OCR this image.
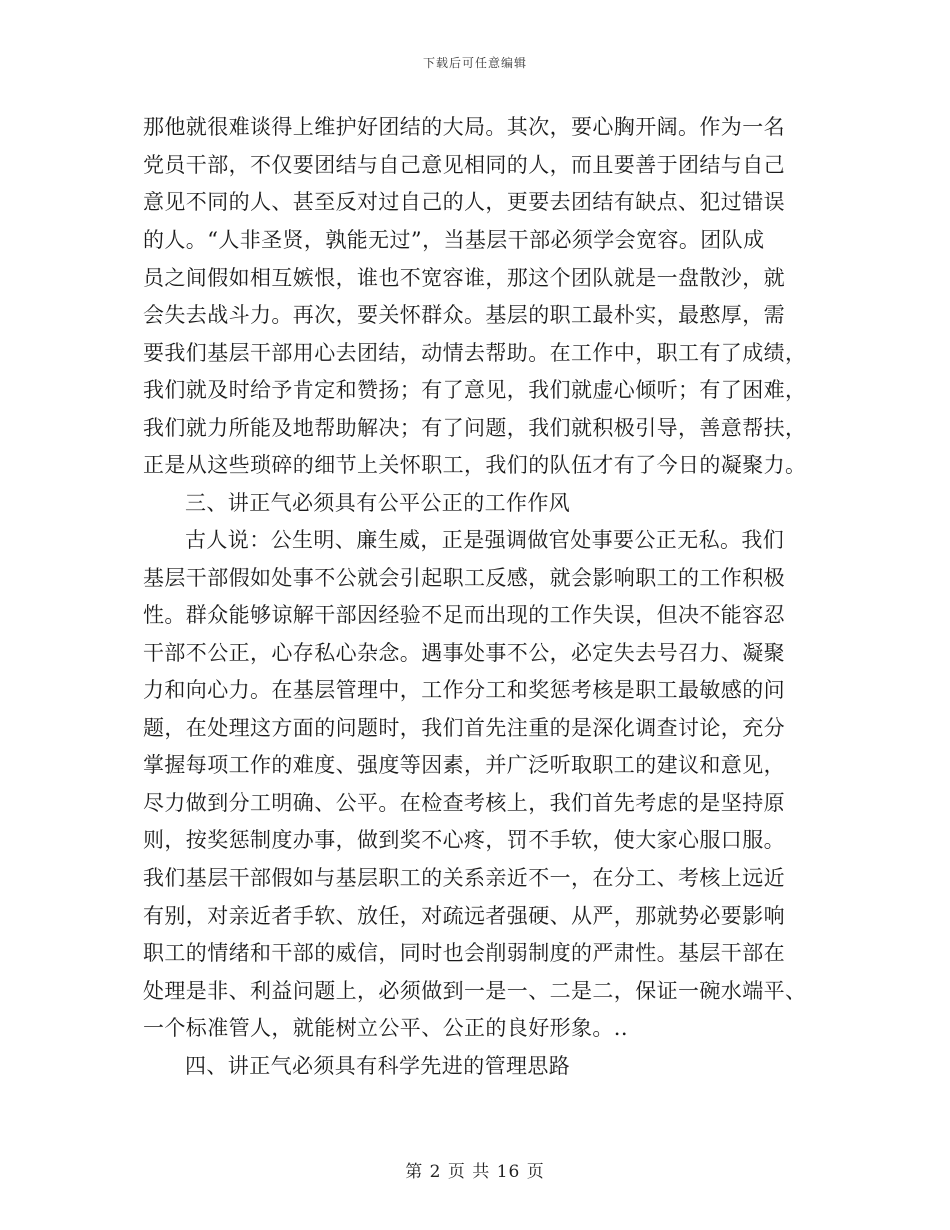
下载后可任意编辑
那他就很难谈得上维护好团结的大局。其次，要心胸开阔。作为一名
党员干部，不仅要团结与自己意见相同的人，而且要善于团结与自己
意见不同的人、甚至反对过自己的人，更要去团结有缺点、犯过错误
的人。“人非圣贤，孰能无过”，当基层干部必须学会宽容。团队成
员之间假如相互嫉恨，谁也不宽容谁，那这个团队就是一盘散沙，就
会失去战斗力。再次，要关怀群众。基层的职工最朴实，最憨厚，需
要我们基层干部用心去团结，动情去帮助。在工作中，职工有了成绩，
我们就及时给予肯定和赞扬；有了意见，我们就虚心倾听；有了困难，
我们就力所能及地帮助解决；有了问题，我们就积极引导，善意帮扶，
正是从这些琐碎的细节上关怀职工，我们的队伍才有了今日的凝聚力。
三、讲正气必须具有公平公正的工作作风
古人说：公生明、廉生威，正是强调做官处事要公正无私。我们
基层干部假如处事不公就会引起职工反感，就会影响职工的工作积极
性。群众能够谅解干部因经验不足而出现的工作失误，但决不能容忍
干部不公正，心存私心杂念。遇事处事不公，必定失去号召力、凝聚
力和向心力。在基层管理中，工作分工和奖惩考核是职工最敏感的问
题，在处理这方面的问题时，我们首先注重的是深化调查讨论，充分
掌握每项工作的难度、强度等因素，并广泛听取职工的建议和意见，
尽力做到分工明确、公平。在检查考核上，我们首先考虑的是坚持原
则，按奖惩制度办事，做到奖不心疼，罚不手软，使大家心服口服。
我们基层干部假如与基层职工的关系亲近不一，在分工、考核上远近
有别，对亲近者手软、放任，对疏远者强硬、从严，那就势必要影响
职工的情绪和干部的威信，同时也会削弱制度的严肃性。基层干部在
处理是非、利益问题上，必须做到一是一、二是二，保证一碗水端平、
一个标准管人，就能树立公平、公正的良好形象。..
四、讲正气必须具有科学先进的管理思路
第 2 页 共 16 页
